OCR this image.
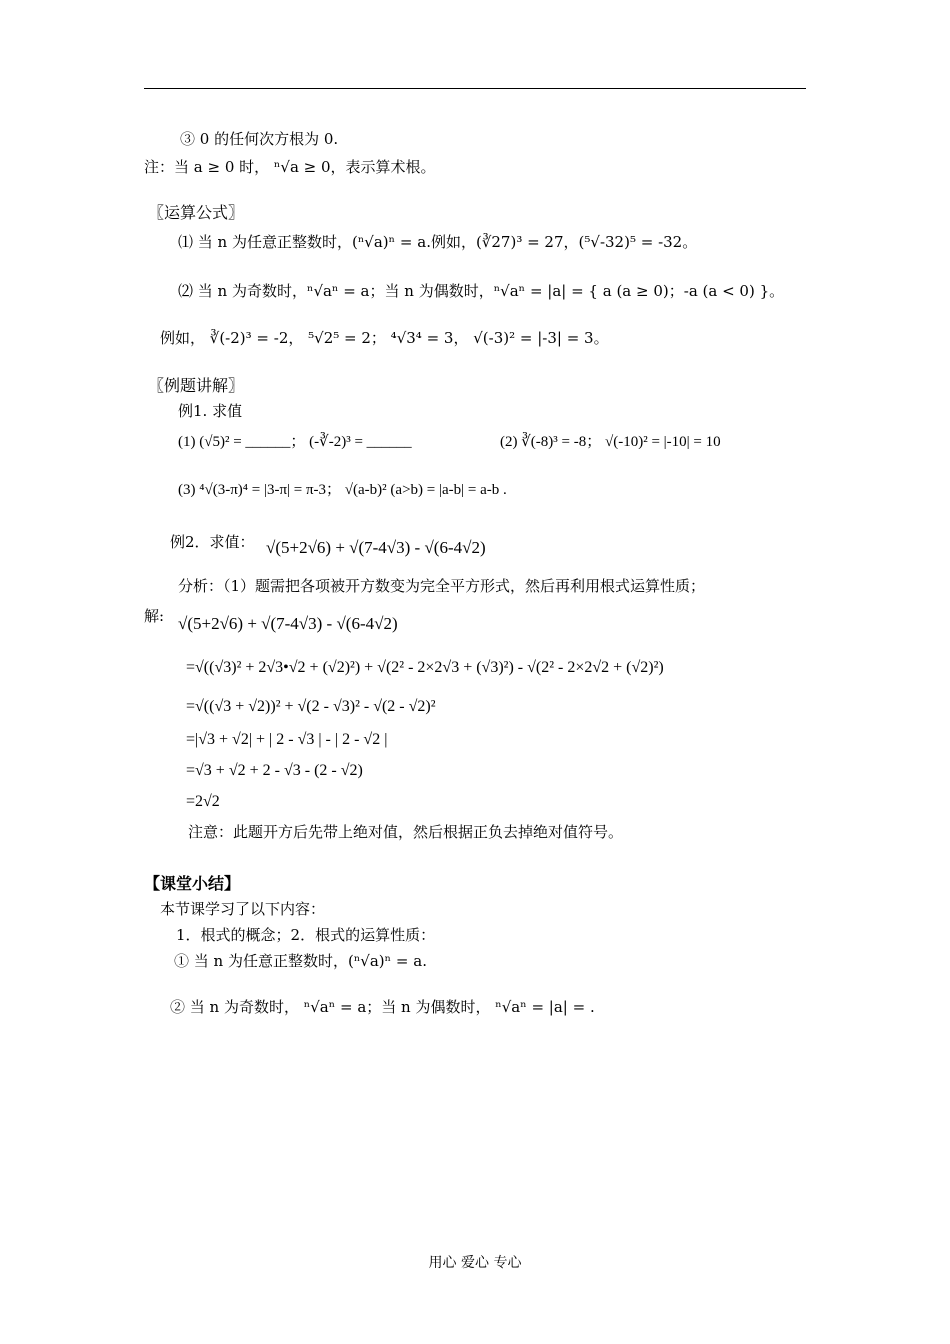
③ 0 的任何次方根为 0.
注：当 a ≥ 0 时， ⁿ√a ≥ 0，表示算术根。
〖运算公式〗
⑴ 当 n 为任意正整数时，(ⁿ√a)ⁿ = a.例如，(∛27)³ = 27，(⁵√-32)⁵ = -32。
⑵ 当 n 为奇数时，ⁿ√aⁿ = a；当 n 为偶数时，ⁿ√aⁿ = |a| = { a (a ≥ 0)；-a (a < 0) }。
例如， ∛(-2)³ = -2， ⁵√2⁵ = 2； ⁴√3⁴ = 3， √(-3)² = |-3| = 3。
〖例题讲解〗
例1. 求值
(1) (√5)² = ______； (-∛-2)³ = ______	(2) ∛(-8)³ = -8； √(-10)² = |-10| = 10
(3) ⁴√(3-π)⁴ = |3-π| = π-3； √(a-b)² (a>b) = |a-b| = a-b .
例2．求值： √(5+2√6) + √(7-4√3) - √(6-4√2)
分析：（1）题需把各项被开方数变为完全平方形式，然后再利用根式运算性质；
解: √(5+2√6) + √(7-4√3) - √(6-4√2)
=√((√3)² + 2√3•√2 + (√2)²) + √(2² - 2×2√3 + (√3)²) - √(2² - 2×2√2 + (√2)²)
=√((√3 + √2))² + √(2 - √3)² - √(2 - √2)²
=|√3 + √2| + | 2 - √3 | - | 2 - √2 |
=√3 + √2 + 2 - √3 - (2 - √2)
=2√2
注意：此题开方后先带上绝对值，然后根据正负去掉绝对值符号。
【课堂小结】
本节课学习了以下内容：
1．根式的概念；2．根式的运算性质：
① 当 n 为任意正整数时，(ⁿ√a)ⁿ = a.
② 当 n 为奇数时， ⁿ√aⁿ = a；当 n 为偶数时， ⁿ√aⁿ = |a| = .
用心 爱心 专心
